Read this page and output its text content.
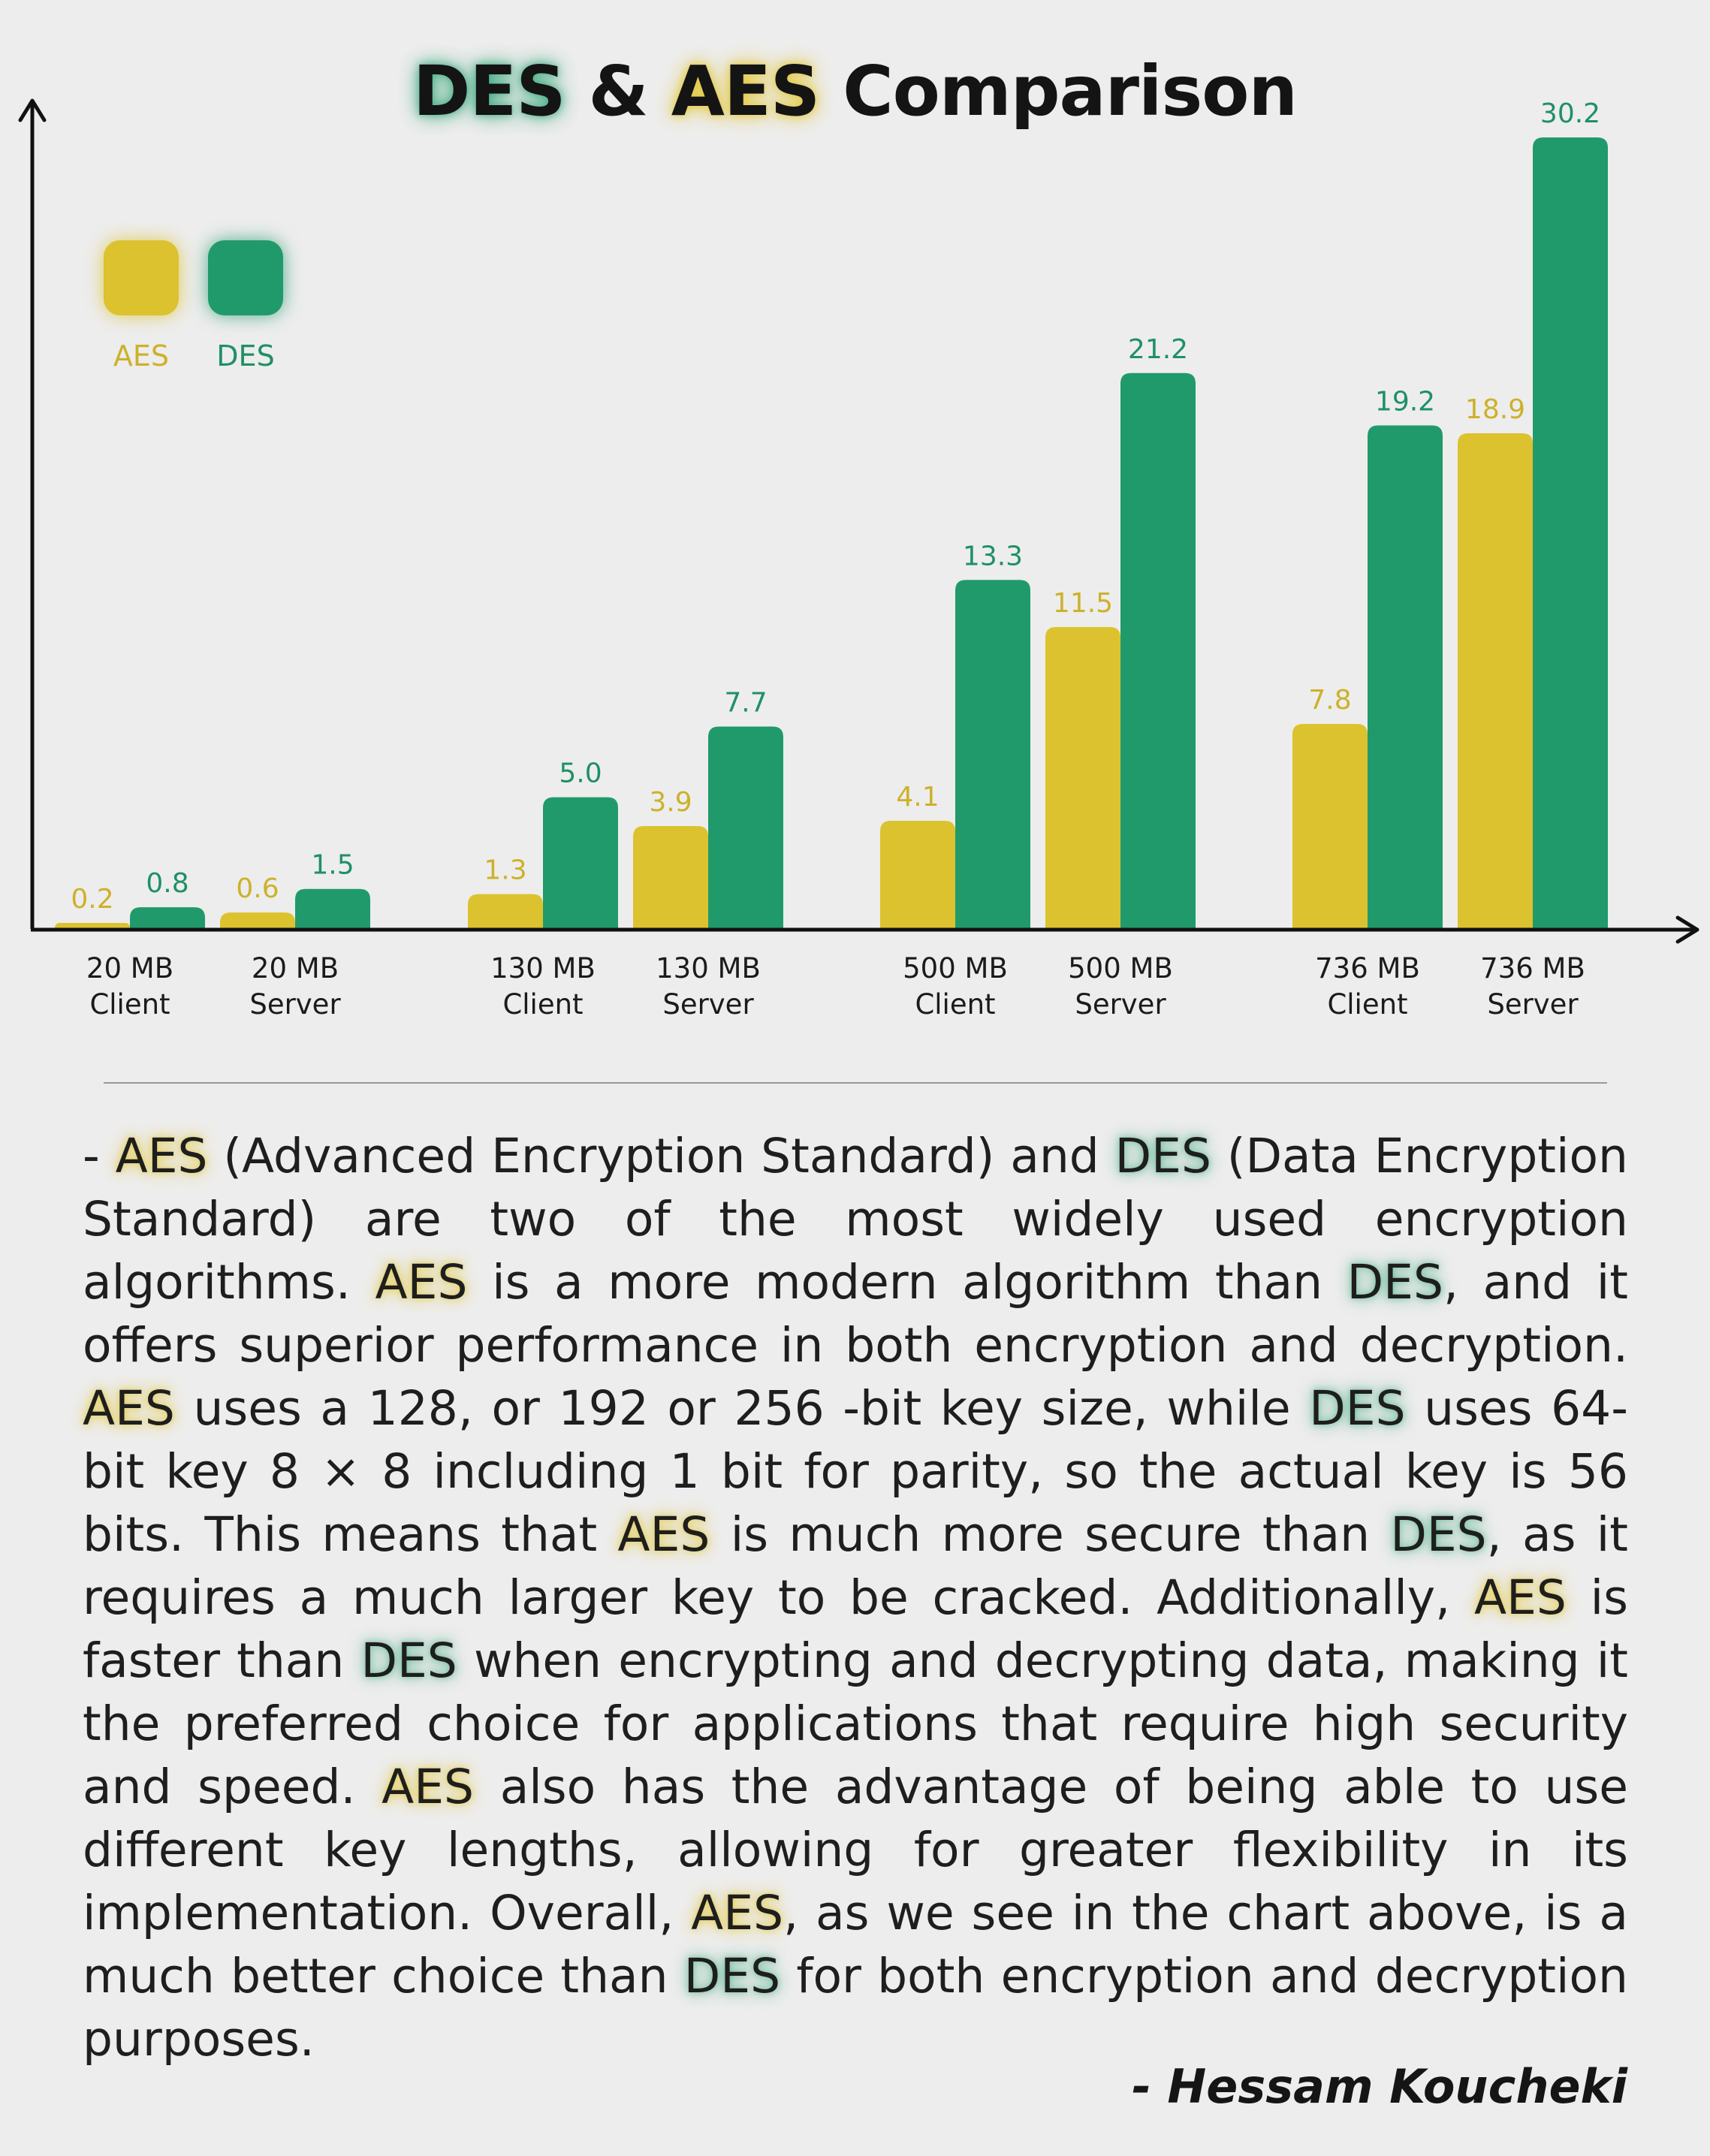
DES & AES Comparison
AES	DES
0.2	0.6
1.3
3.9	4.1
11.5
7.8
18.9
0.8
1.5
5.0
7.7
13.3
21.2
19.2
30.2
20 MB
Client
20 MB
Server
130 MB
Client
130 MB
Server
500 MB
Client
500 MB
Server
736 MB
Client
736 MB
Server
- AES (Advanced Encryption Standard) and DES (Data Encryption Standard) are two of the most widely used encryption algorithms. AES is a more modern algorithm than DES, and it offers superior performance in both encryption and decryption. AES uses a 128, or 192 or 256 -bit key size, while DES uses 64-bit key 8 × 8 including 1 bit for parity, so the actual key is 56 bits. This means that AES is much more secure than DES, as it requires a much larger key to be cracked. Additionally, AES is faster than DES when encrypting and decrypting data, making it the preferred choice for applications that require high security and speed. AES also has the advantage of being able to use different key lengths, allowing for greater flexibility in its implementation. Overall, AES, as we see in the chart above, is a much better choice than DES for both encryption and decryption purposes.
- Hessam Koucheki
